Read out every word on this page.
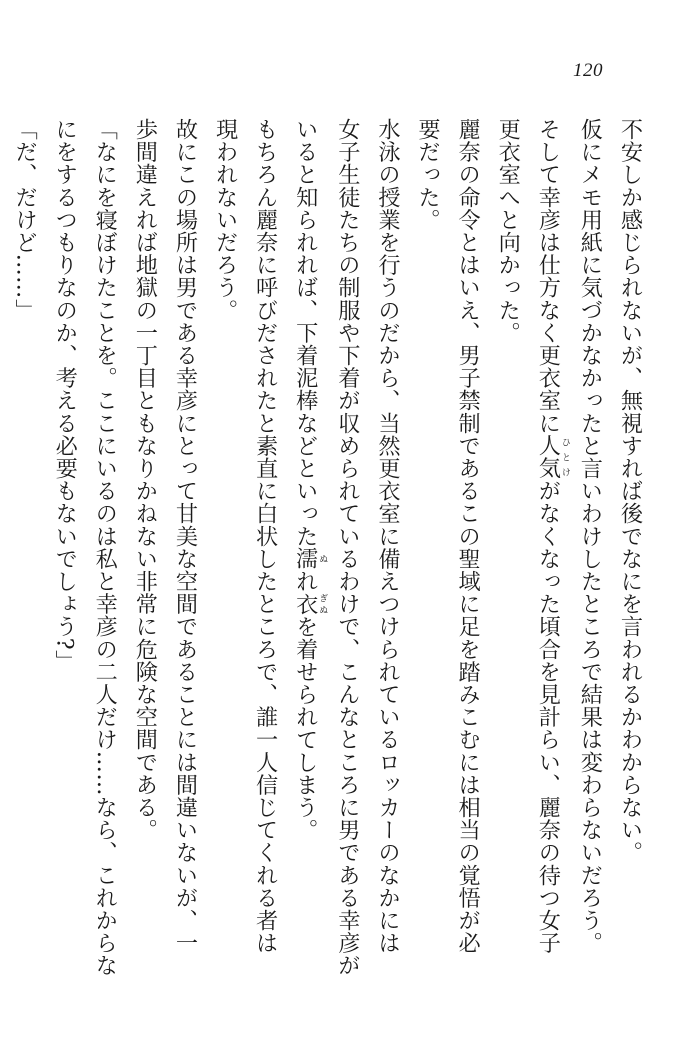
120

不安しか感じられないが、無視すれば後でなにを言われるかわからない。

仮にメモ用紙に気づかなかったと言いわけしたところで結果は変わらないだろう。

そして幸彦は仕方なく更衣室に人気 ひとけがなくなった頃合を見計らい、麗奈の待つ女子

更衣室へと向かった。

麗奈の命令とはいえ、男子禁制であるこの聖域に足を踏みこむには相当の覚悟が必

要だった。

水泳の授業を行うのだから、当然更衣室に備えつけられているロッカーのなかには

女子生徒たちの制服や下着が収められているわけで、こんなところに男である幸彦が

いると知られれば、下着泥棒などといった濡 ぬれ衣 ぎぬを着せられてしまう。

もちろん麗奈に呼びだされたと素直に白状したところで、誰一人信じてくれる者は

現われないだろう。

故にこの場所は男である幸彦にとって甘美な空間であることには間違いないが、一

歩間違えれば地獄の一丁目ともなりかねない非常に危険な空間である。

「なにを寝ぼけたことを。ここにいるのは私と幸彦の二人だけ……なら、これからな

にをするつもりなのか、考える必要もないでしょう?」

「だ、だけど……」
